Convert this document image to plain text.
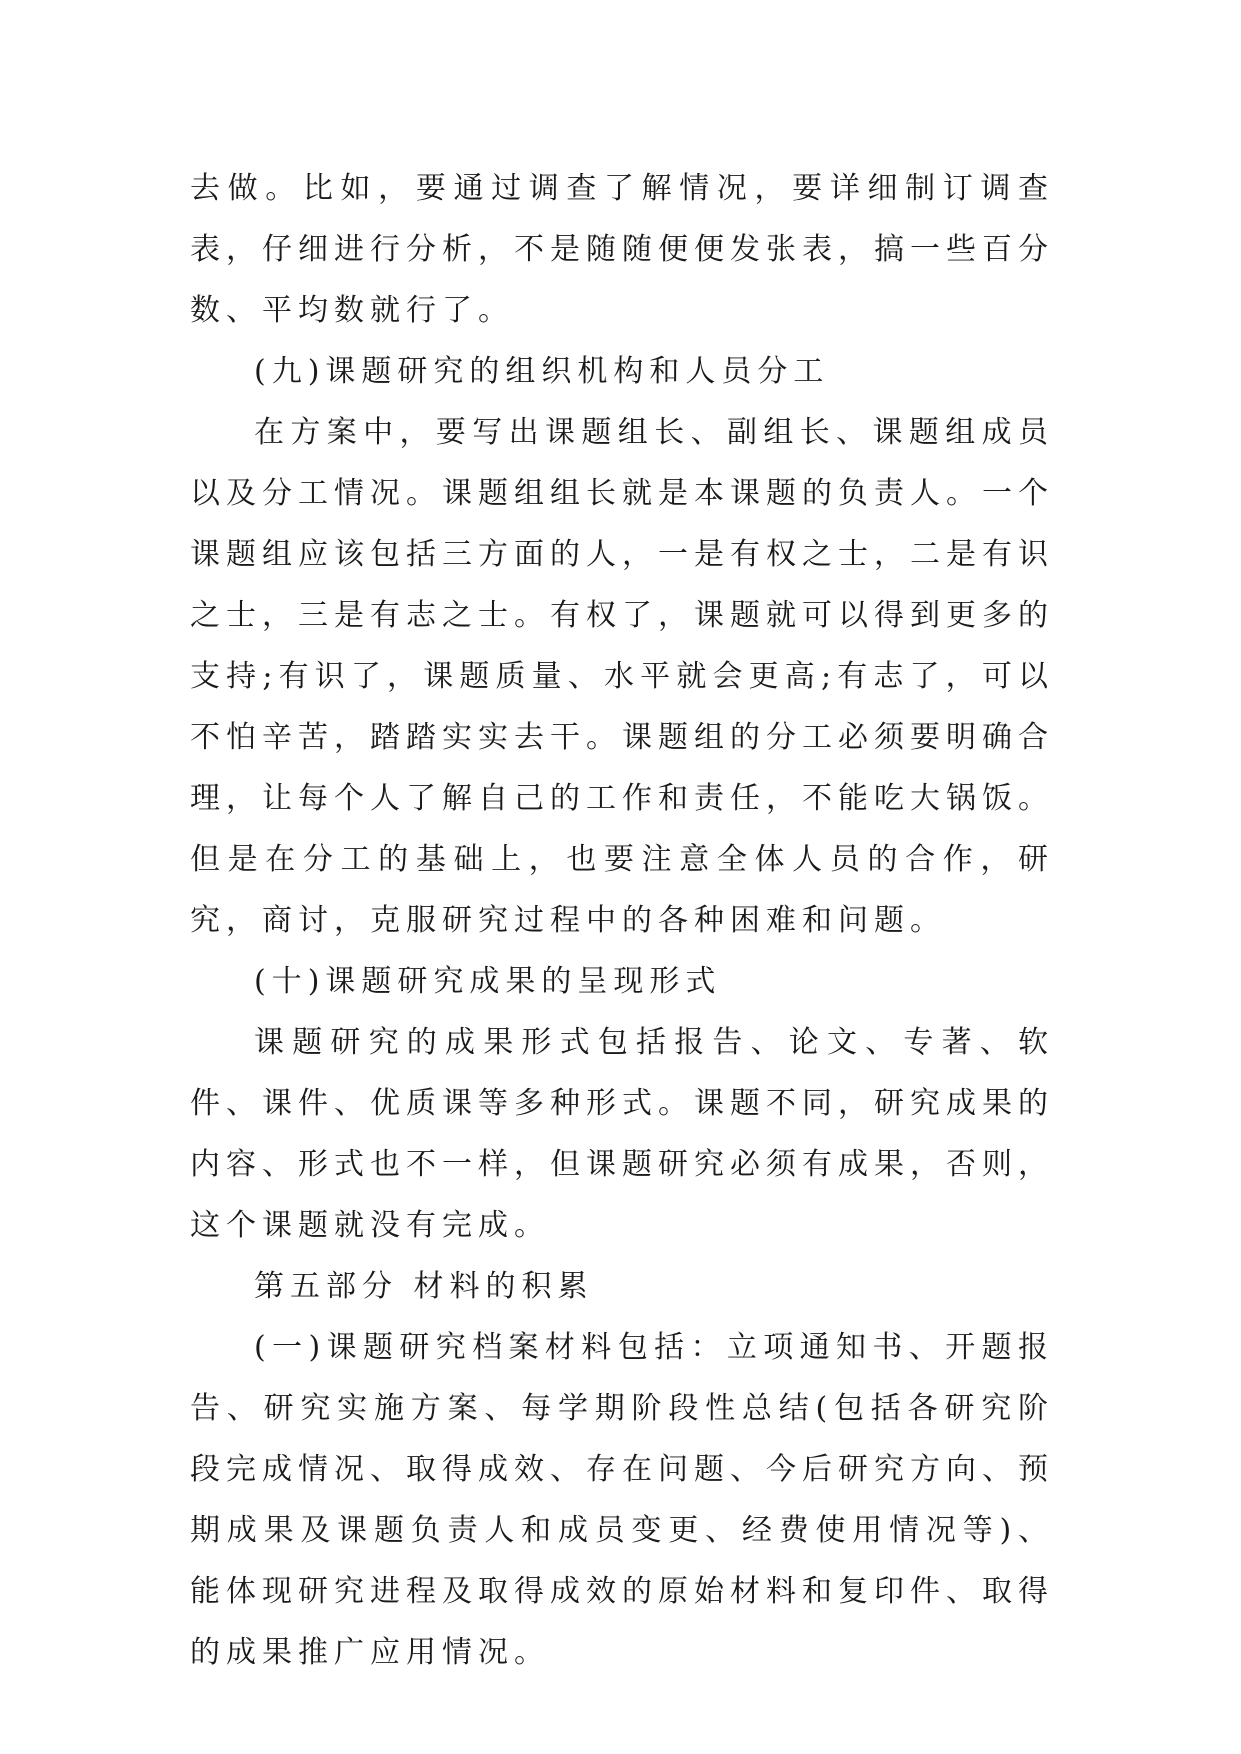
去做。比如，要通过调查了解情况，要详细制订调查表，仔细进行分析，不是随随便便发张表，搞一些百分数、平均数就行了。

(九)课题研究的组织机构和人员分工

在方案中，要写出课题组长、副组长、课题组成员以及分工情况。课题组组长就是本课题的负责人。一个课题组应该包括三方面的人，一是有权之士，二是有识之士，三是有志之士。有权了，课题就可以得到更多的支持;有识了，课题质量、水平就会更高;有志了，可以不怕辛苦，踏踏实实去干。课题组的分工必须要明确合理，让每个人了解自己的工作和责任，不能吃大锅饭。但是在分工的基础上，也要注意全体人员的合作，研究，商讨，克服研究过程中的各种困难和问题。

(十)课题研究成果的呈现形式

课题研究的成果形式包括报告、论文、专著、软件、课件、优质课等多种形式。课题不同，研究成果的内容、形式也不一样，但课题研究必须有成果，否则，这个课题就没有完成。

第五部分 材料的积累

(一)课题研究档案材料包括：立项通知书、开题报告、研究实施方案、每学期阶段性总结(包括各研究阶段完成情况、取得成效、存在问题、今后研究方向、预期成果及课题负责人和成员变更、经费使用情况等)、能体现研究进程及取得成效的原始材料和复印件、取得的成果推广应用情况。
